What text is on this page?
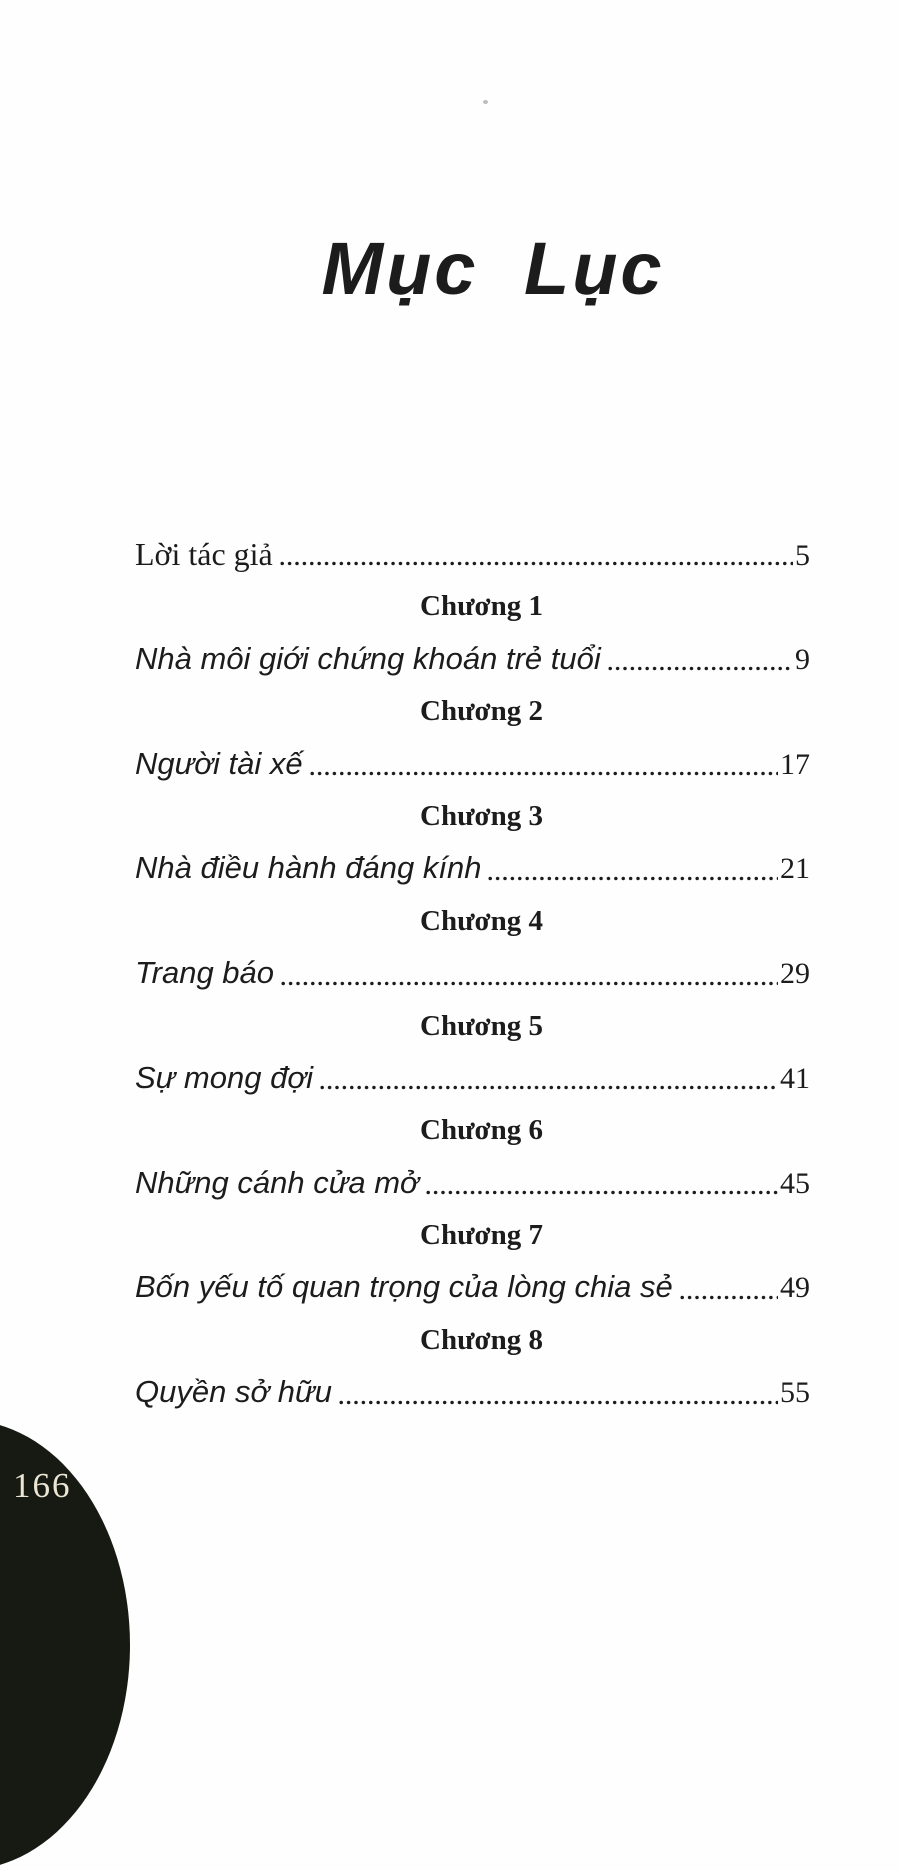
Mục Lục
Lời tác giả	5
Chương 1
Nhà môi giới chứng khoán trẻ tuổi	9
Chương 2
Người tài xế	17
Chương 3
Nhà điều hành đáng kính	21
Chương 4
Trang báo	29
Chương 5
Sự mong đợi	41
Chương 6
Những cánh cửa mở	45
Chương 7
Bốn yếu tố quan trọng của lòng chia sẻ	49
Chương 8
Quyền sở hữu	55
166
